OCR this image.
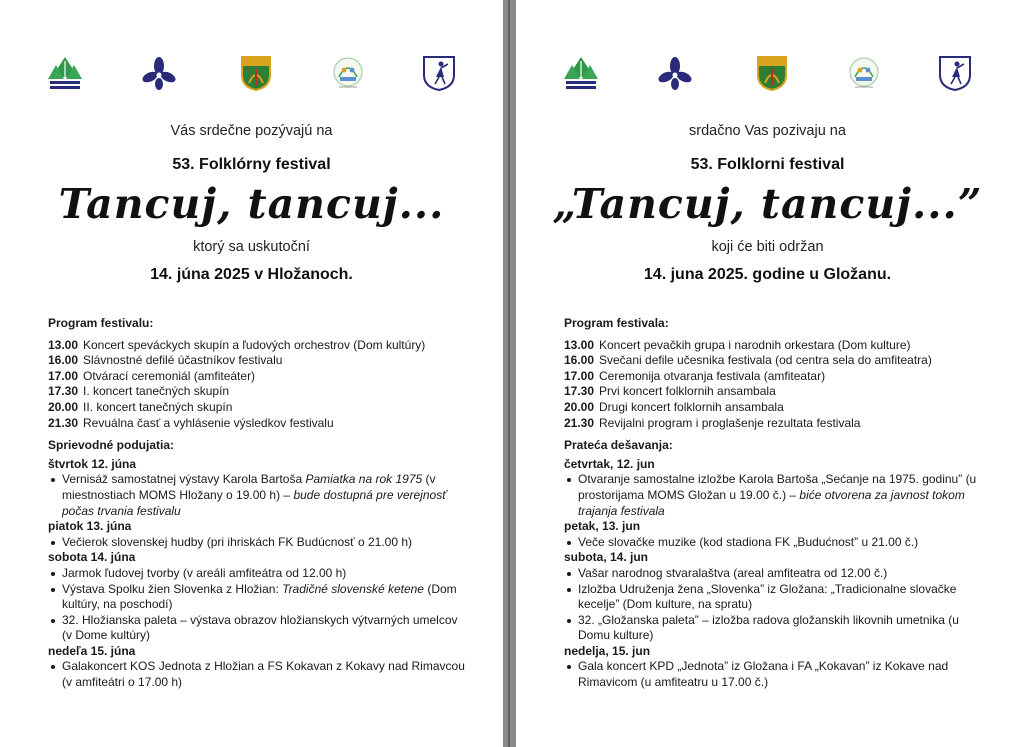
Vás srdečne pozývajú na
53. Folklórny festival
Tancuj, tancuj...
ktorý sa uskutoční
14. júna 2025 v Hložanoch.
Program festivalu:
13.00 Koncert speváckych skupín a ľudových orchestrov (Dom kultúry)
16.00 Slávnostné defilé účastníkov festivalu
17.00 Otvárací ceremoniál (amfiteáter)
17.30 I. koncert tanečných skupín
20.00 II. koncert tanečných skupín
21.30 Revuálna časť a vyhlásenie výsledkov festivalu
Sprievodné podujatia:
štvrtok 12. júna
Vernisáž samostatnej výstavy Karola Bartoša Pamiatka na rok 1975 (v miestnostiach MOMS Hložany o 19.00 h) – bude dostupná pre verejnosť počas trvania festivalu
piatok 13. júna
Večierok slovenskej hudby (pri ihriskách FK Budúcnosť o 21.00 h)
sobota 14. júna
Jarmok ľudovej tvorby (v areáli amfiteátra od 12.00 h)
Výstava Spolku žien Slovenka z Hložian: Tradičné slovenské ketene (Dom kultúry, na poschodí)
32. Hložianska paleta – výstava obrazov hložianskych výtvarných umelcov (v Dome kultúry)
nedeľa 15. júna
Galakoncert KOS Jednota z Hložian a FS Kokavan z Kokavy nad Rimavcou (v amfiteátri o 17.00 h)
srdačno Vas pozivaju na
53. Folklorni festival
„Tancuj, tancuj...”
koji će biti održan
14. juna 2025. godine u Gložanu.
Program festivala:
13.00 Koncert pevačkih grupa i narodnih orkestara (Dom kulture)
16.00 Svečani defile učesnika festivala (od centra sela do amfiteatra)
17.00 Ceremonija otvaranja festivala (amfiteatar)
17.30 Prvi koncert folklornih ansambala
20.00 Drugi koncert folklornih ansambala
21.30 Revijalni program i proglašenje rezultata festivala
Prateća dešavanja:
četvrtak, 12. jun
Otvaranje samostalne izložbe Karola Bartoša „Sećanje na 1975. godinu” (u prostorijama MOMS Gložan u 19.00 č.) – biće otvorena za javnost tokom trajanja festivala
petak, 13. jun
Veče slovačke muzike (kod stadiona FK „Budućnost” u 21.00 č.)
subota, 14. jun
Vašar narodnog stvaralaštva (areal amfiteatra od 12.00 č.)
Izložba Udruženja žena „Slovenka” iz Gložana: „Tradicionalne slovačke kecelje” (Dom kulture, na spratu)
32. „Gložanska paleta” – izložba radova gložanskih likovnih umetnika (u Domu kulture)
nedelja, 15. jun
Gala koncert KPD „Jednota” iz Gložana i FA „Kokavan” iz Kokave nad Rimavicom (u amfiteatru u 17.00 č.)
